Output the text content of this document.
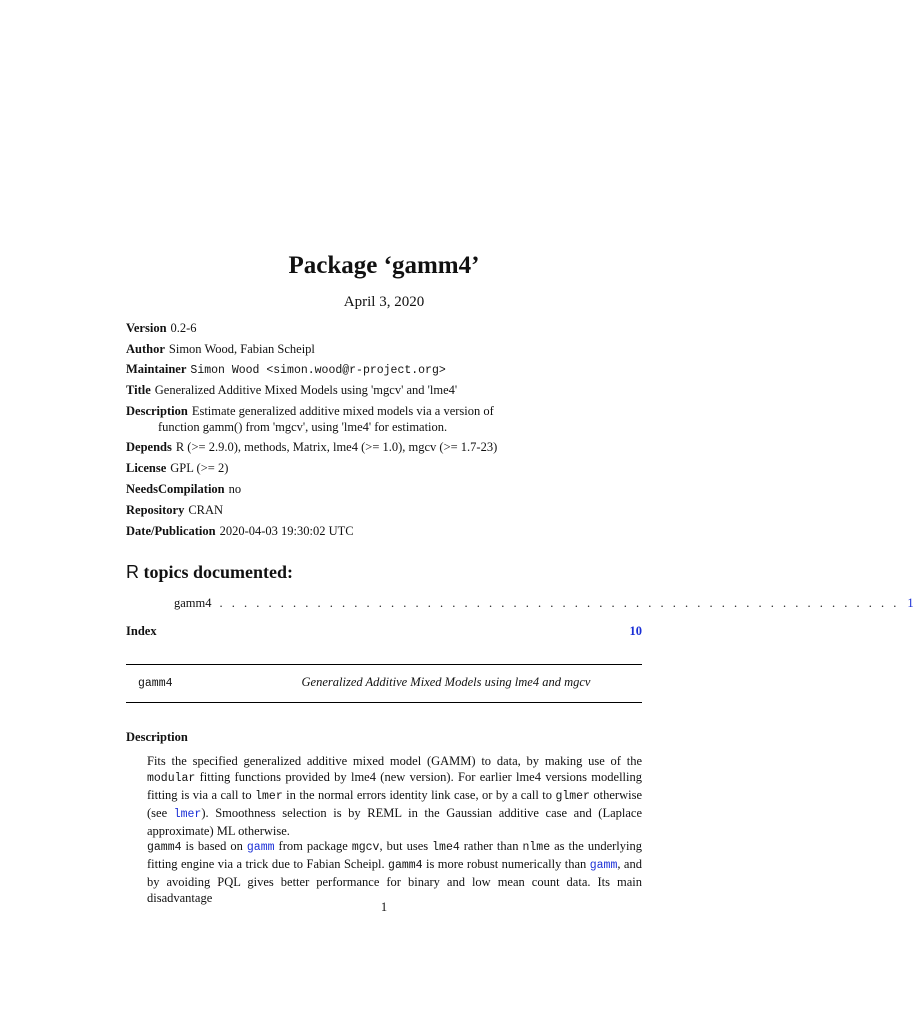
Package ‘gamm4’
April 3, 2020
Version 0.2-6
Author Simon Wood, Fabian Scheipl
Maintainer Simon Wood <simon.wood@r-project.org>
Title Generalized Additive Mixed Models using 'mgcv' and 'lme4'
Description Estimate generalized additive mixed models via a version of
function gamm() from 'mgcv', using 'lme4' for estimation.
Depends R (>= 2.9.0), methods, Matrix, lme4 (>= 1.0), mgcv (>= 1.7-23)
License GPL (>= 2)
NeedsCompilation no
Repository CRAN
Date/Publication 2020-04-03 19:30:02 UTC
R topics documented:
gamm4 . . . . . . . . . . . . . . . . . . . . . . . . . . . . . . . . . . . . . . . . . . . . . . . . . . . . . . . . 1
Index	10
gamm4	Generalized Additive Mixed Models using lme4 and mgcv
Description
Fits the specified generalized additive mixed model (GAMM) to data, by making use of the modular fitting functions provided by lme4 (new version). For earlier lme4 versions modelling fitting is via a call to lmer in the normal errors identity link case, or by a call to glmer otherwise (see lmer). Smoothness selection is by REML in the Gaussian additive case and (Laplace approximate) ML otherwise.
gamm4 is based on gamm from package mgcv, but uses lme4 rather than nlme as the underlying fitting engine via a trick due to Fabian Scheipl. gamm4 is more robust numerically than gamm, and by avoiding PQL gives better performance for binary and low mean count data. Its main disadvantage
1
